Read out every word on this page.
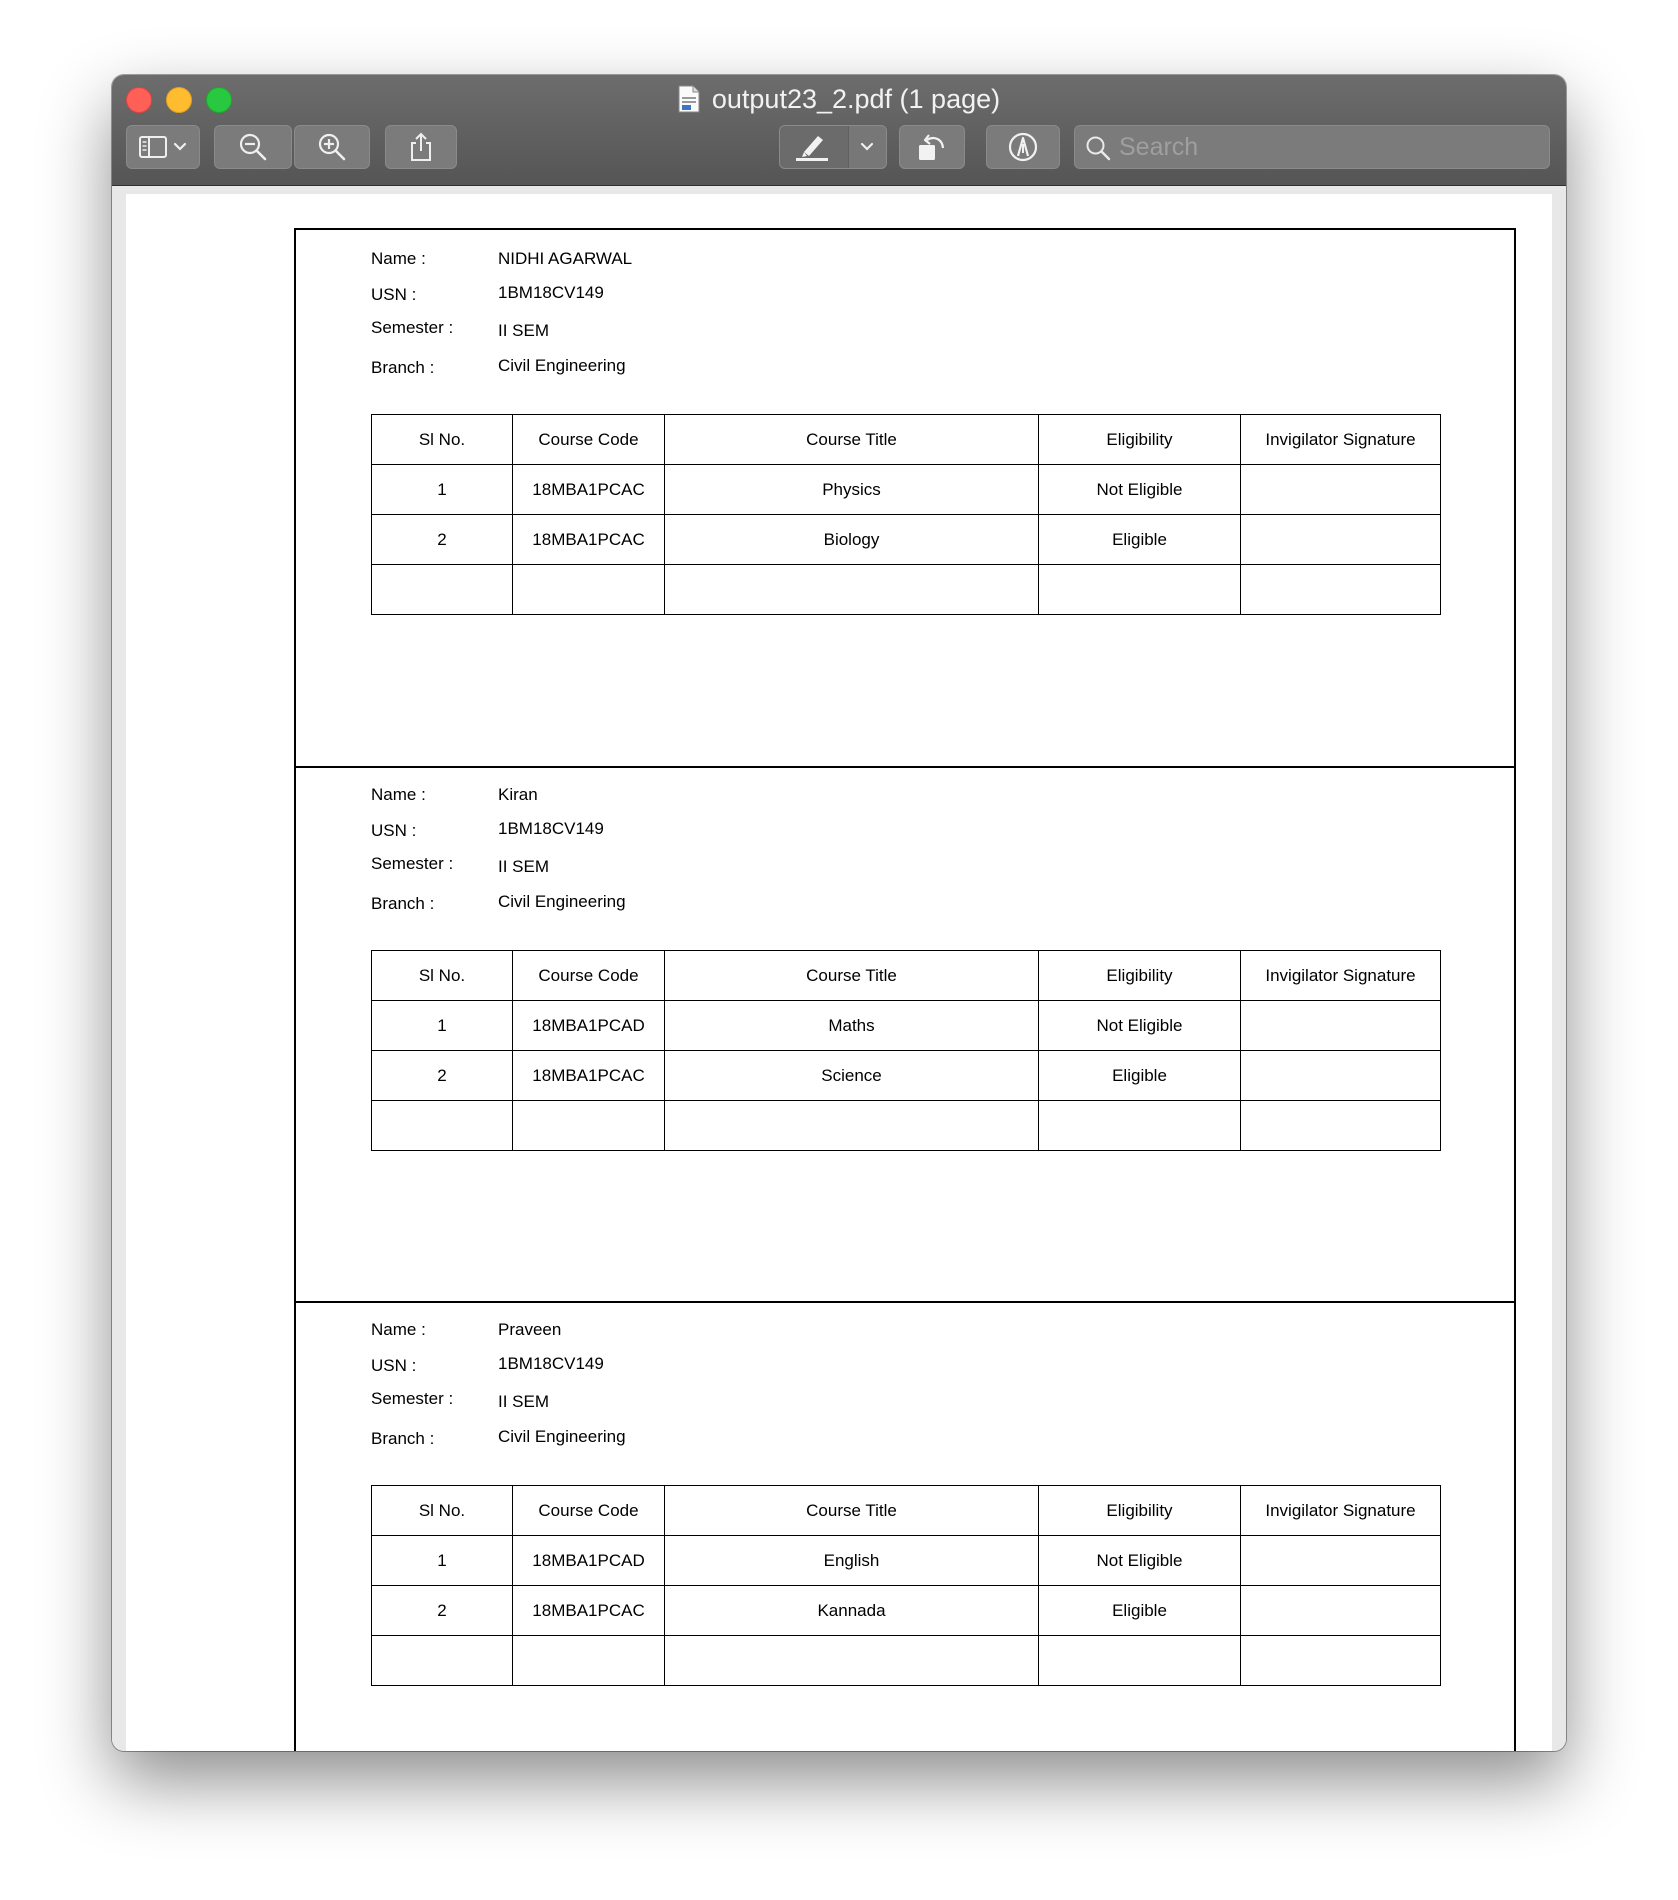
output23_2.pdf (1 page)
Search
Name :	NIDHI AGARWAL
USN :	1BM18CV149
Semester :	II SEM
Branch :	Civil Engineering
Sl No.	Course Code	Course Title	Eligibility	Invigilator Signature
1	18MBA1PCAC	Physics	Not Eligible	
2	18MBA1PCAC	Biology	Eligible	

Name :	Kiran
USN :	1BM18CV149
Semester :	II SEM
Branch :	Civil Engineering
Sl No.	Course Code	Course Title	Eligibility	Invigilator Signature
1	18MBA1PCAD	Maths	Not Eligible	
2	18MBA1PCAC	Science	Eligible	

Name :	Praveen
USN :	1BM18CV149
Semester :	II SEM
Branch :	Civil Engineering
Sl No.	Course Code	Course Title	Eligibility	Invigilator Signature
1	18MBA1PCAD	English	Not Eligible	
2	18MBA1PCAC	Kannada	Eligible	
